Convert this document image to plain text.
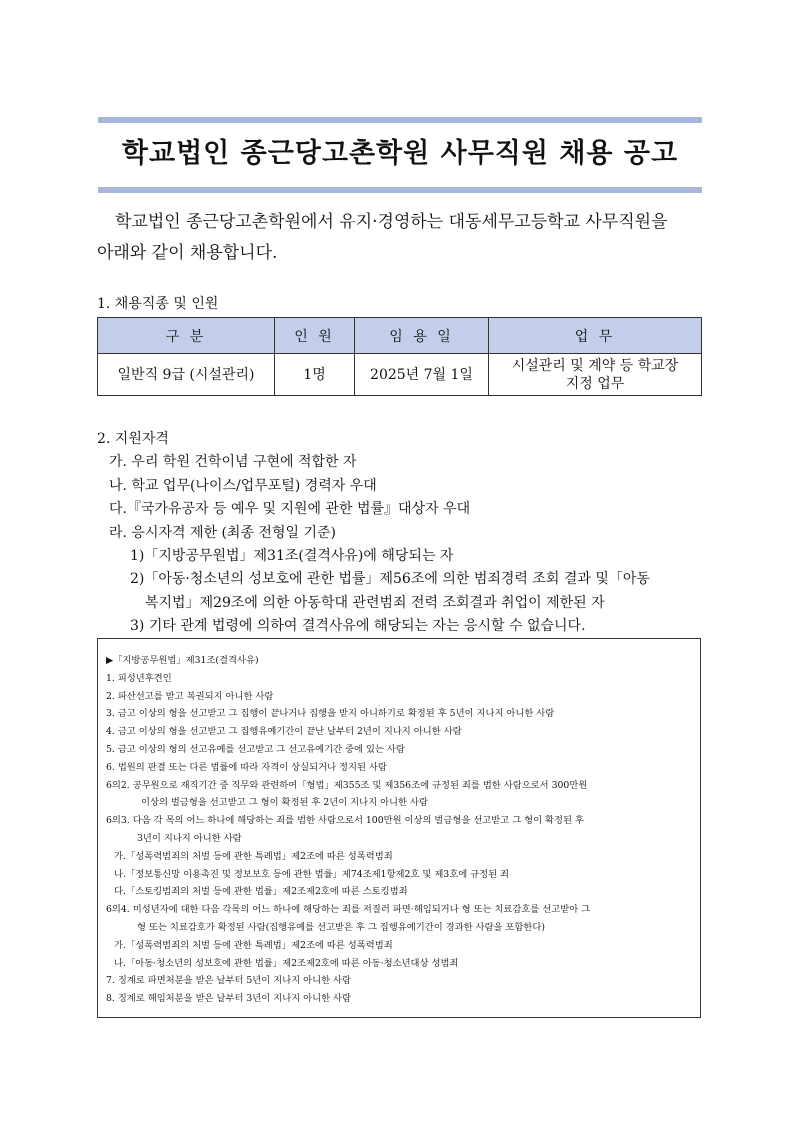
학교법인 종근당고촌학원 사무직원 채용 공고

학교법인 종근당고촌학원에서 유지·경영하는 대동세무고등학교 사무직원을
아래와 같이 채용합니다.

1. 채용직종 및 인원

구 분	인 원	임 용 일	업 무
일반직 9급 (시설관리)	1명	2025년 7월 1일	시설관리 및 계약 등 학교장
지정 업무

2. 지원자격

가. 우리 학원 건학이념 구현에 적합한 자

나. 학교 업무(나이스/업무포털) 경력자 우대

다.『국가유공자 등 예우 및 지원에 관한 법률』대상자 우대

라. 응시자격 제한 (최종 전형일 기준)

1)「지방공무원법」제31조(결격사유)에 해당되는 자

2)「아동·청소년의 성보호에 관한 법률」제56조에 의한 범죄경력 조회 결과 및「아동

복지법」제29조에 의한 아동학대 관련범죄 전력 조회결과 취업이 제한된 자

3) 기타 관계 법령에 의하여 결격사유에 해당되는 자는 응시할 수 없습니다.

▶「지방공무원법」제31조(결격사유)

1. 피성년후견인

2. 파산선고를 받고 복권되지 아니한 사람

3. 금고 이상의 형을 선고받고 그 집행이 끝나거나 집행을 받지 아니하기로 확정된 후 5년이 지나지 아니한 사람

4. 금고 이상의 형을 선고받고 그 집행유예기간이 끝난 날부터 2년이 지나지 아니한 사람

5. 금고 이상의 형의 선고유예를 선고받고 그 선고유예기간 중에 있는 사람

6. 법원의 판결 또는 다른 법률에 따라 자격이 상실되거나 정지된 사람

6의2. 공무원으로 재직기간 중 직무와 관련하여「형법」제355조 및 제356조에 규정된 죄를 범한 사람으로서 300만원

이상의 벌금형을 선고받고 그 형이 확정된 후 2년이 지나지 아니한 사람

6의3. 다음 각 목의 어느 하나에 해당하는 죄를 범한 사람으로서 100만원 이상의 벌금형을 선고받고 그 형이 확정된 후

3년이 지나지 아니한 사람

가.「성폭력범죄의 처벌 등에 관한 특례법」제2조에 따른 성폭력범죄

나.「정보통신망 이용촉진 및 정보보호 등에 관한 법률」제74조제1항제2호 및 제3호에 규정된 죄

다.「스토킹범죄의 처벌 등에 관한 법률」제2조제2호에 따른 스토킹범죄

6의4. 미성년자에 대한 다음 각목의 어느 하나에 해당하는 죄를 저질러 파면·해임되거나 형 또는 치료감호를 선고받아 그

형 또는 치료감호가 확정된 사람(집행유예를 선고받은 후 그 집행유예기간이 경과한 사람을 포함한다)

가.「성폭력범죄의 처벌 등에 관한 특례법」제2조에 따른 성폭력범죄

나.「아동·청소년의 성보호에 관한 법률」제2조제2호에 따른 아동·청소년대상 성범죄

7. 징계로 파면처분을 받은 날부터 5년이 지나지 아니한 사람

8. 징계로 해임처분을 받은 날부터 3년이 지나지 아니한 사람
